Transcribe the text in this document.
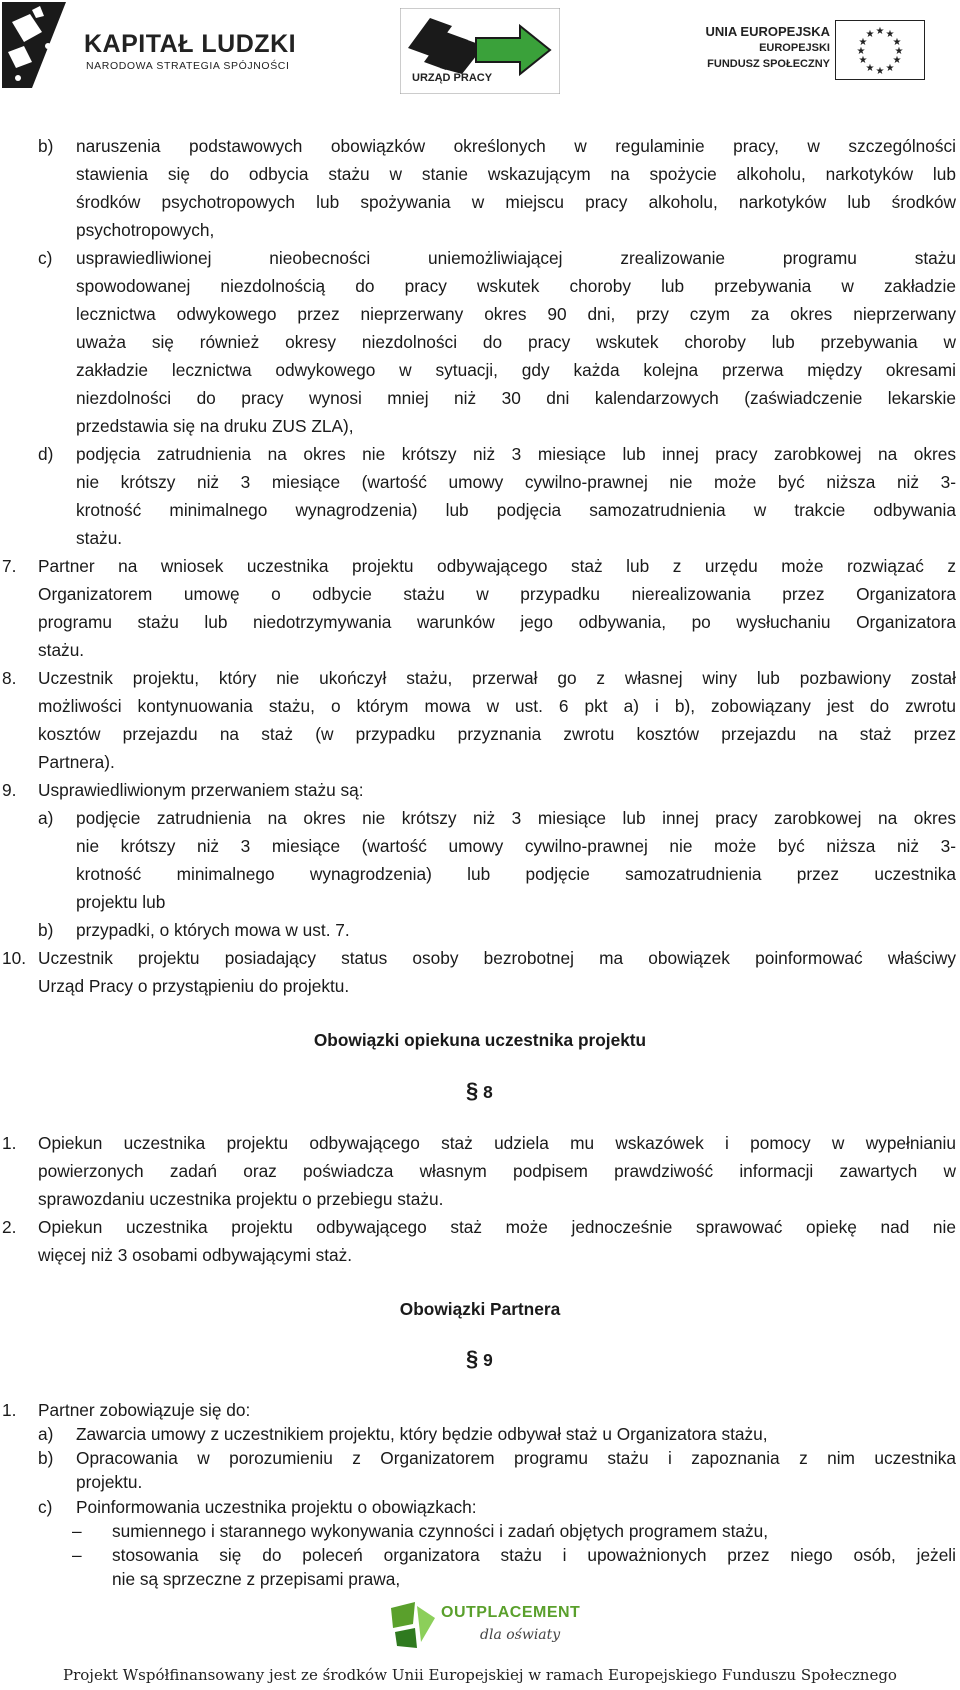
KAPITAŁ LUDZKI
NARODOWA STRATEGIA SPÓJNOŚCI
URZĄD PRACY
UNIA EUROPEJSKA
EUROPEJSKI
FUNDUSZ SPOŁECZNY
★ ★
★
★
★
★
★
★
★
★
★
★
b) naruszenia podstawowych obowiązków określonych w regulaminie pracy, w szczególności
stawienia się do odbycia stażu w stanie wskazującym na spożycie alkoholu, narkotyków lub
środków psychotropowych lub spożywania w miejscu pracy alkoholu, narkotyków lub środków
psychotropowych,
c) usprawiedliwionej nieobecności uniemożliwiającej zrealizowanie programu stażu
spowodowanej niezdolnością do pracy wskutek choroby lub przebywania w zakładzie
lecznictwa odwykowego przez nieprzerwany okres 90 dni, przy czym za okres nieprzerwany
uważa się również okresy niezdolności do pracy wskutek choroby lub przebywania w
zakładzie lecznictwa odwykowego w sytuacji, gdy każda kolejna przerwa między okresami
niezdolności do pracy wynosi mniej niż 30 dni kalendarzowych (zaświadczenie lekarskie
przedstawia się na druku ZUS ZLA),
d) podjęcia zatrudnienia na okres nie krótszy niż 3 miesiące lub innej pracy zarobkowej na okres
nie krótszy niż 3 miesiące (wartość umowy cywilno-prawnej nie może być niższa niż 3-
krotność minimalnego wynagrodzenia) lub podjęcia samozatrudnienia w trakcie odbywania
stażu.
7. Partner na wniosek uczestnika projektu odbywającego staż lub z urzędu może rozwiązać z
Organizatorem umowę o odbycie stażu w przypadku nierealizowania przez Organizatora
programu stażu lub niedotrzymywania warunków jego odbywania, po wysłuchaniu Organizatora
stażu.
8. Uczestnik projektu, który nie ukończył stażu, przerwał go z własnej winy lub pozbawiony został
możliwości kontynuowania stażu, o którym mowa w ust. 6 pkt a) i b), zobowiązany jest do zwrotu
kosztów przejazdu na staż (w przypadku przyznania zwrotu kosztów przejazdu na staż przez
Partnera).
9. Usprawiedliwionym przerwaniem stażu są:
a) podjęcie zatrudnienia na okres nie krótszy niż 3 miesiące lub innej pracy zarobkowej na okres
nie krótszy niż 3 miesiące (wartość umowy cywilno-prawnej nie może być niższa niż 3-
krotność minimalnego wynagrodzenia) lub podjęcie samozatrudnienia przez uczestnika
projektu lub
b) przypadki, o których mowa w ust. 7.
10. Uczestnik projektu posiadający status osoby bezrobotnej ma obowiązek poinformować właściwy
Urząd Pracy o przystąpieniu do projektu.
Obowiązki opiekuna uczestnika projektu
§ 8
1. Opiekun uczestnika projektu odbywającego staż udziela mu wskazówek i pomocy w wypełnianiu
powierzonych zadań oraz poświadcza własnym podpisem prawdziwość informacji zawartych w
sprawozdaniu uczestnika projektu o przebiegu stażu.
2. Opiekun uczestnika projektu odbywającego staż może jednocześnie sprawować opiekę nad nie
więcej niż 3 osobami odbywającymi staż.
Obowiązki Partnera
§ 9
1. Partner zobowiązuje się do:
a) Zawarcia umowy z uczestnikiem projektu, który będzie odbywał staż u Organizatora stażu,
b) Opracowania w porozumieniu z Organizatorem programu stażu i zapoznania z nim uczestnika
projektu.
c) Poinformowania uczestnika projektu o obowiązkach:
– sumiennego i starannego wykonywania czynności i zadań objętych programem stażu,
– stosowania się do poleceń organizatora stażu i upoważnionych przez niego osób, jeżeli
nie są sprzeczne z przepisami prawa,
OUTPLACEMENT
dla oświaty
Projekt Współfinansowany jest ze środków Unii Europejskiej w ramach Europejskiego Funduszu Społecznego
